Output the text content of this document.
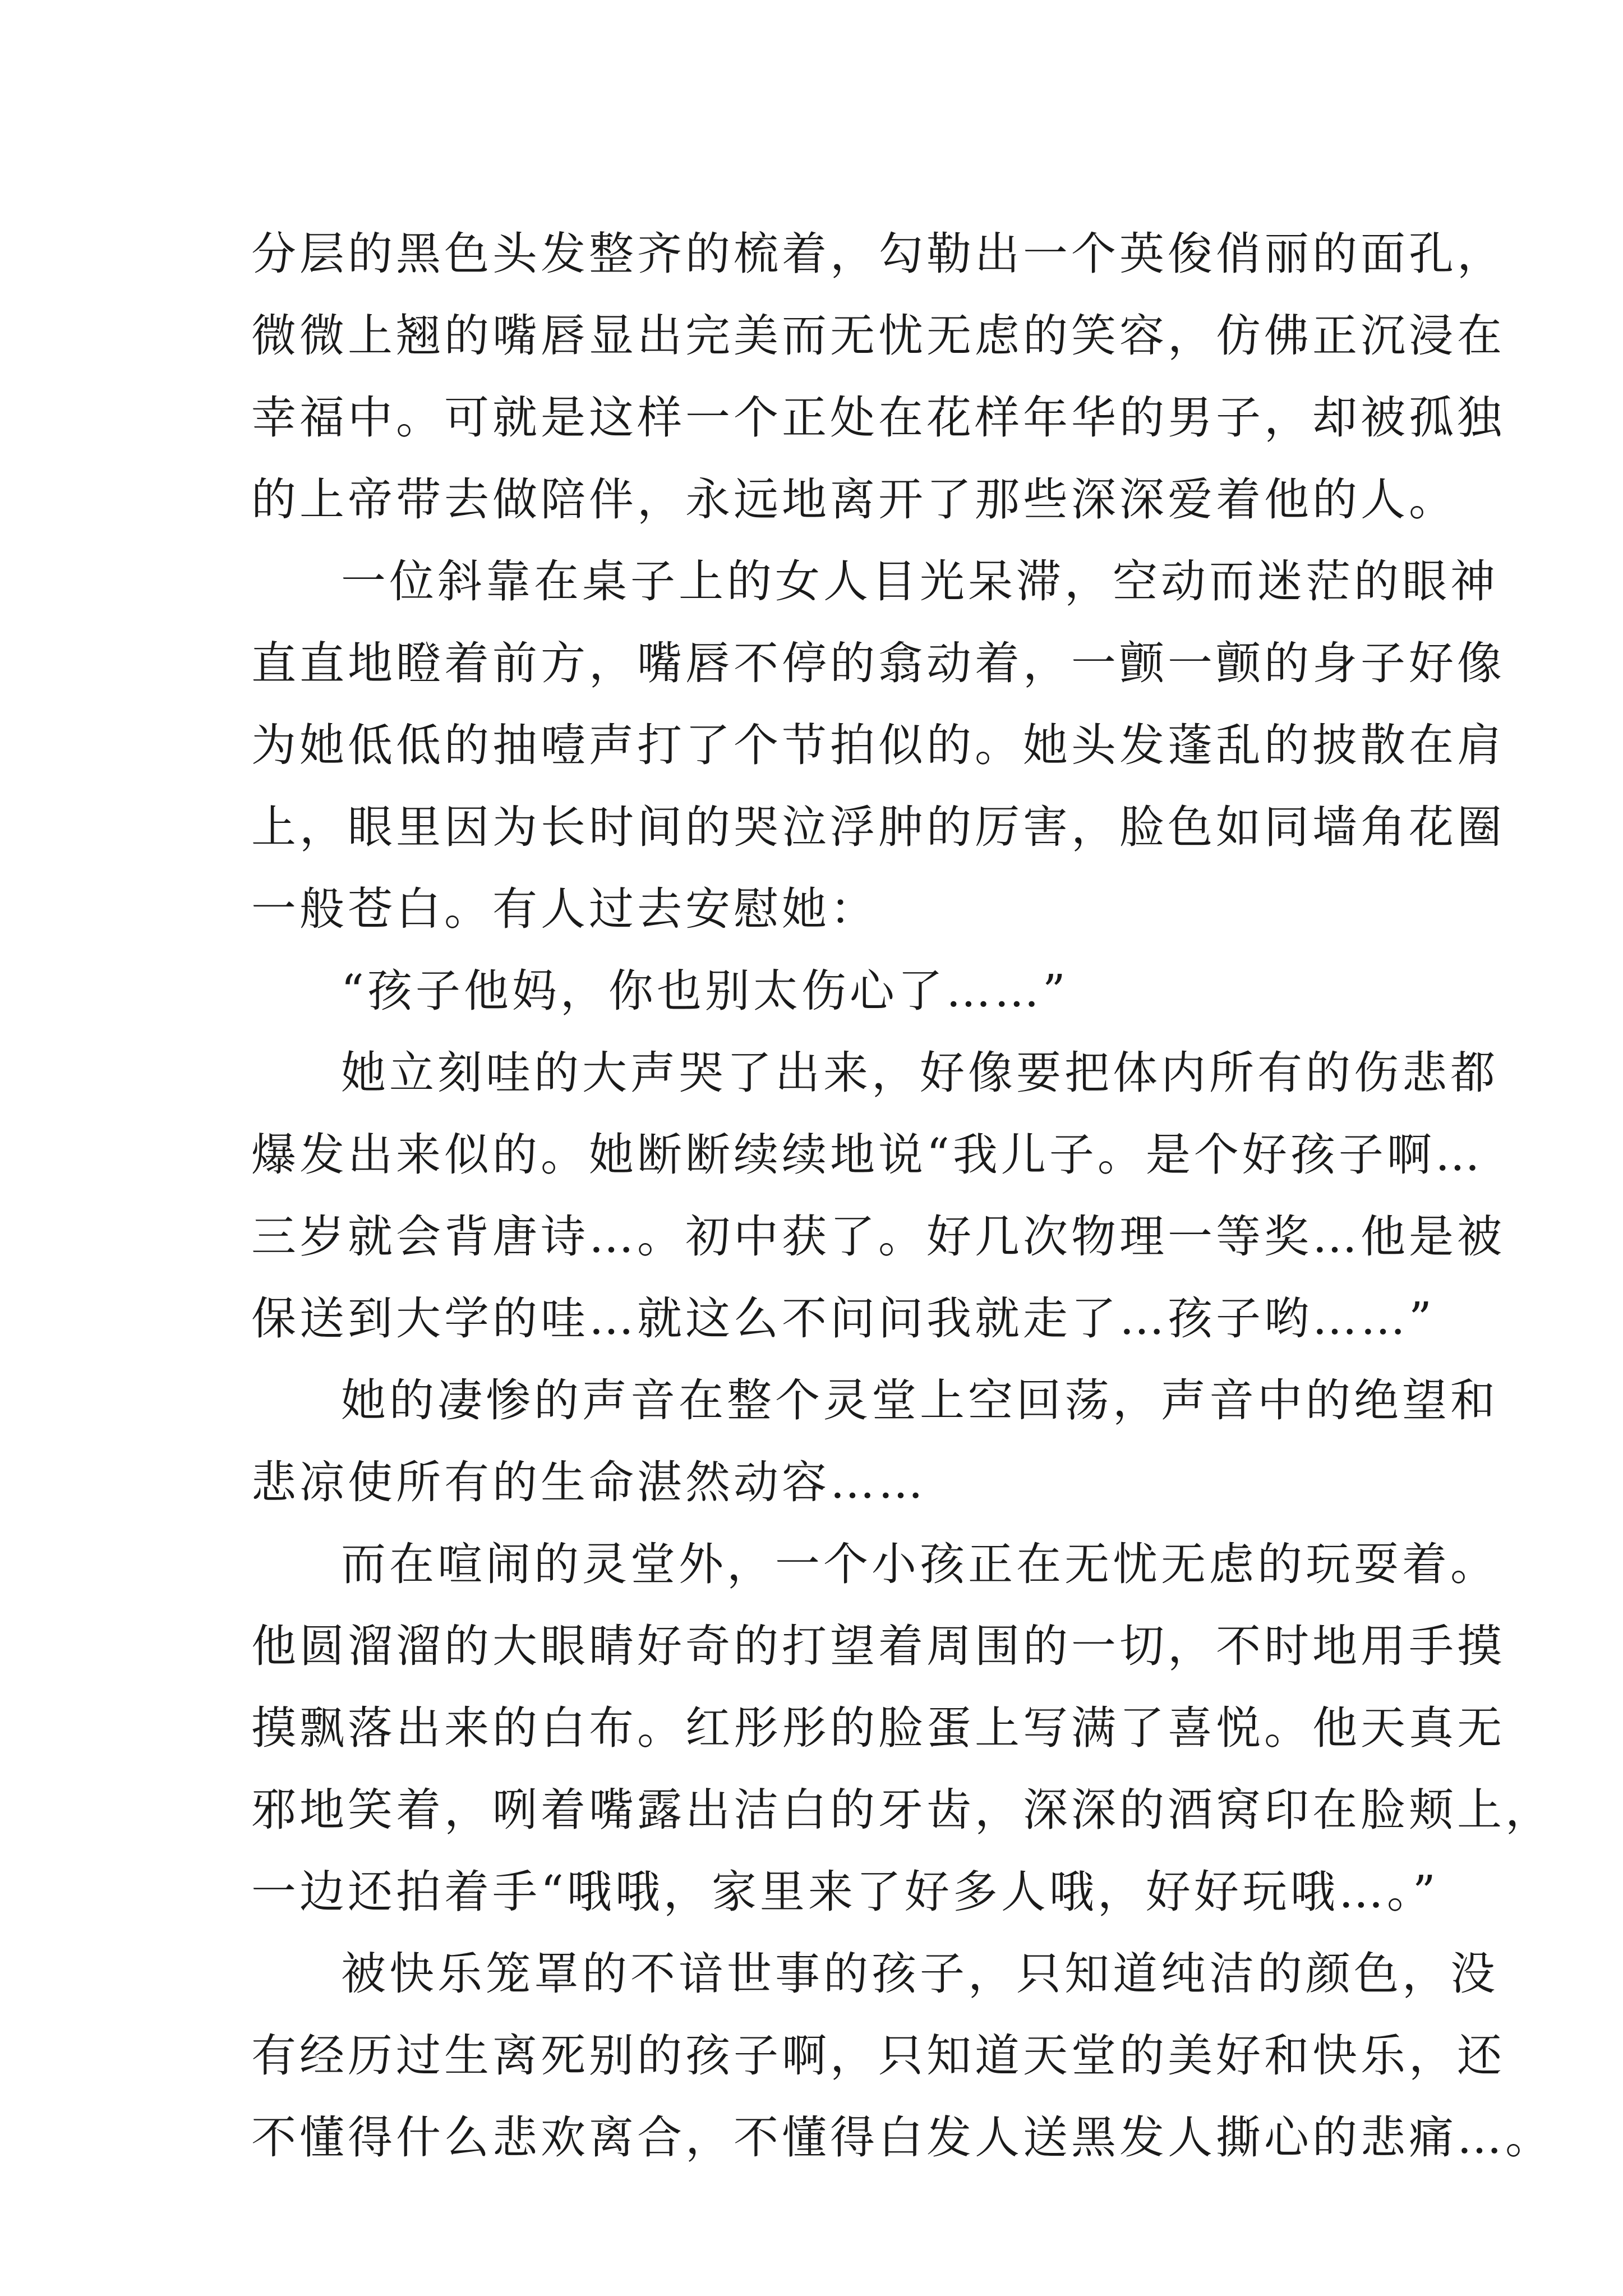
分层的黑色头发整齐的梳着，勾勒出一个英俊俏丽的面孔，
微微上翘的嘴唇显出完美而无忧无虑的笑容，仿佛正沉浸在
幸福中。可就是这样一个正处在花样年华的男子，却被孤独
的上帝带去做陪伴，永远地离开了那些深深爱着他的人。
一位斜靠在桌子上的女人目光呆滞，空动而迷茫的眼神
直直地瞪着前方，嘴唇不停的翕动着，一颤一颤的身子好像
为她低低的抽噎声打了个节拍似的。她头发蓬乱的披散在肩
上，眼里因为长时间的哭泣浮肿的厉害，脸色如同墙角花圈
一般苍白。有人过去安慰她：
“孩子他妈，你也别太伤心了……”
她立刻哇的大声哭了出来，好像要把体内所有的伤悲都
爆发出来似的。她断断续续地说“我儿子。是个好孩子啊…
三岁就会背唐诗…。初中获了。好几次物理一等奖…他是被
保送到大学的哇…就这么不问问我就走了…孩子哟……”
她的凄惨的声音在整个灵堂上空回荡，声音中的绝望和
悲凉使所有的生命湛然动容……
而在喧闹的灵堂外，一个小孩正在无忧无虑的玩耍着。
他圆溜溜的大眼睛好奇的打望着周围的一切，不时地用手摸
摸飘落出来的白布。红彤彤的脸蛋上写满了喜悦。他天真无
邪地笑着，咧着嘴露出洁白的牙齿，深深的酒窝印在脸颊上，
一边还拍着手“哦哦，家里来了好多人哦，好好玩哦…。”
被快乐笼罩的不谙世事的孩子，只知道纯洁的颜色，没
有经历过生离死别的孩子啊，只知道天堂的美好和快乐，还
不懂得什么悲欢离合，不懂得白发人送黑发人撕心的悲痛…。
